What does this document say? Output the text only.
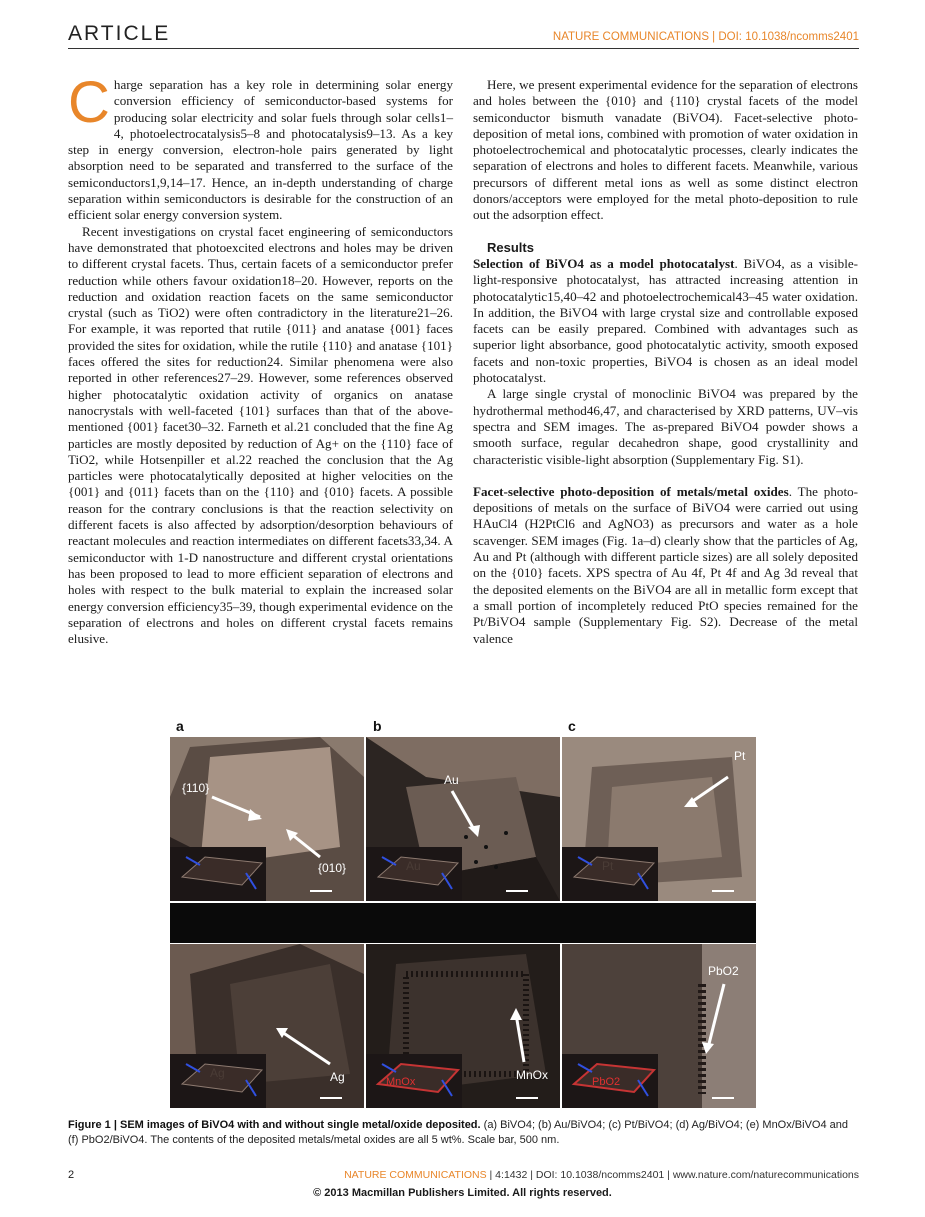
ARTICLE	NATURE COMMUNICATIONS | DOI: 10.1038/ncomms2401
C harge separation has a key role in determining solar energy conversion efficiency of semiconductor-based systems for producing solar electricity and solar fuels through solar cells1–4, photoelectrocatalysis5–8 and photocatalysis9–13. As a key step in energy conversion, electron-hole pairs generated by light absorption need to be separated and transferred to the surface of the semiconductors1,9,14–17. Hence, an in-depth understanding of charge separation within semiconductors is desirable for the construction of an efficient solar energy conversion system.

Recent investigations on crystal facet engineering of semiconductors have demonstrated that photoexcited electrons and holes may be driven to different crystal facets. Thus, certain facets of a semiconductor prefer reduction while others favour oxidation18–20. However, reports on the reduction and oxidation reaction facets on the same semiconductor crystal (such as TiO2) were often contradictory in the literature21–26. For example, it was reported that rutile {011} and anatase {001} faces provided the sites for oxidation, while the rutile {110} and anatase {101} faces offered the sites for reduction24. Similar phenomena were also reported in other references27–29. However, some references observed higher photocatalytic oxidation activity of organics on anatase nanocrystals with well-faceted {101} surfaces than that of the above-mentioned {001} facet30–32. Farneth et al.21 concluded that the fine Ag particles are mostly deposited by reduction of Ag+ on the {110} face of TiO2, while Hotsenpiller et al.22 reached the conclusion that the Ag particles were photocatalytically deposited at higher velocities on the {001} and {011} facets than on the {110} and {010} facets. A possible reason for the contrary conclusions is that the reaction selectivity on different facets is also affected by adsorption/desorption behaviours of reactant molecules and reaction intermediates on different facets33,34. A semiconductor with 1-D nanostructure and different crystal orientations has been proposed to lead to more efficient separation of electrons and holes with respect to the bulk material to explain the increased solar energy conversion efficiency35–39, though experimental evidence on the separation of electrons and holes on different crystal facets remains elusive.

Here, we present experimental evidence for the separation of electrons and holes between the {010} and {110} crystal facets of the model semiconductor bismuth vanadate (BiVO4). Facet-selective photo-deposition of metal ions, combined with promotion of water oxidation in photoelectrochemical and photocatalytic processes, clearly indicates the separation of electrons and holes to different facets. Meanwhile, various precursors of different metal ions as well as some distinct electron donors/acceptors were employed for the metal photo-deposition to rule out the adsorption effect.

Results

Selection of BiVO4 as a model photocatalyst. BiVO4, as a visible-light-responsive photocatalyst, has attracted increasing attention in photocatalytic15,40–42 and photoelectrochemical43–45 water oxidation. In addition, the BiVO4 with large crystal size and controllable exposed facets can be easily prepared. Combined with advantages such as superior light absorbance, good photocatalytic activity, smooth exposed facets and non-toxic properties, BiVO4 is chosen as an ideal model photocatalyst.

A large single crystal of monoclinic BiVO4 was prepared by the hydrothermal method46,47, and characterised by XRD patterns, UV–vis spectra and SEM images. The as-prepared BiVO4 powder shows a smooth surface, regular decahedron shape, good crystallinity and characteristic visible-light absorption (Supplementary Fig. S1).

Facet-selective photo-deposition of metals/metal oxides. The photo-depositions of metals on the surface of BiVO4 were carried out using HAuCl4 (H2PtCl6 and AgNO3) as precursors and water as a hole scavenger. SEM images (Fig. 1a–d) clearly show that the particles of Ag, Au and Pt (although with different particle sizes) are all solely deposited on the {010} facets. XPS spectra of Au 4f, Pt 4f and Ag 3d reveal that the deposited elements on the BiVO4 are all in metallic form except that a small portion of incompletely reduced PtO species remained for the Pt/BiVO4 sample (Supplementary Fig. S2). Decrease of the metal valence

a	b	c
{110}
{010}
Au
Au
Pt
Pt
Ag
Ag	MnOx
MnOx
PbO2
PbO2
Figure 1 | SEM images of BiVO4 with and without single metal/oxide deposited. (a) BiVO4; (b) Au/BiVO4; (c) Pt/BiVO4; (d) Ag/BiVO4; (e) MnOx/BiVO4 and (f) PbO2/BiVO4. The contents of the deposited metals/metal oxides are all 5 wt%. Scale bar, 500 nm.
2	NATURE COMMUNICATIONS | 4:1432 | DOI: 10.1038/ncomms2401 | www.nature.com/naturecommunications
© 2013 Macmillan Publishers Limited. All rights reserved.
